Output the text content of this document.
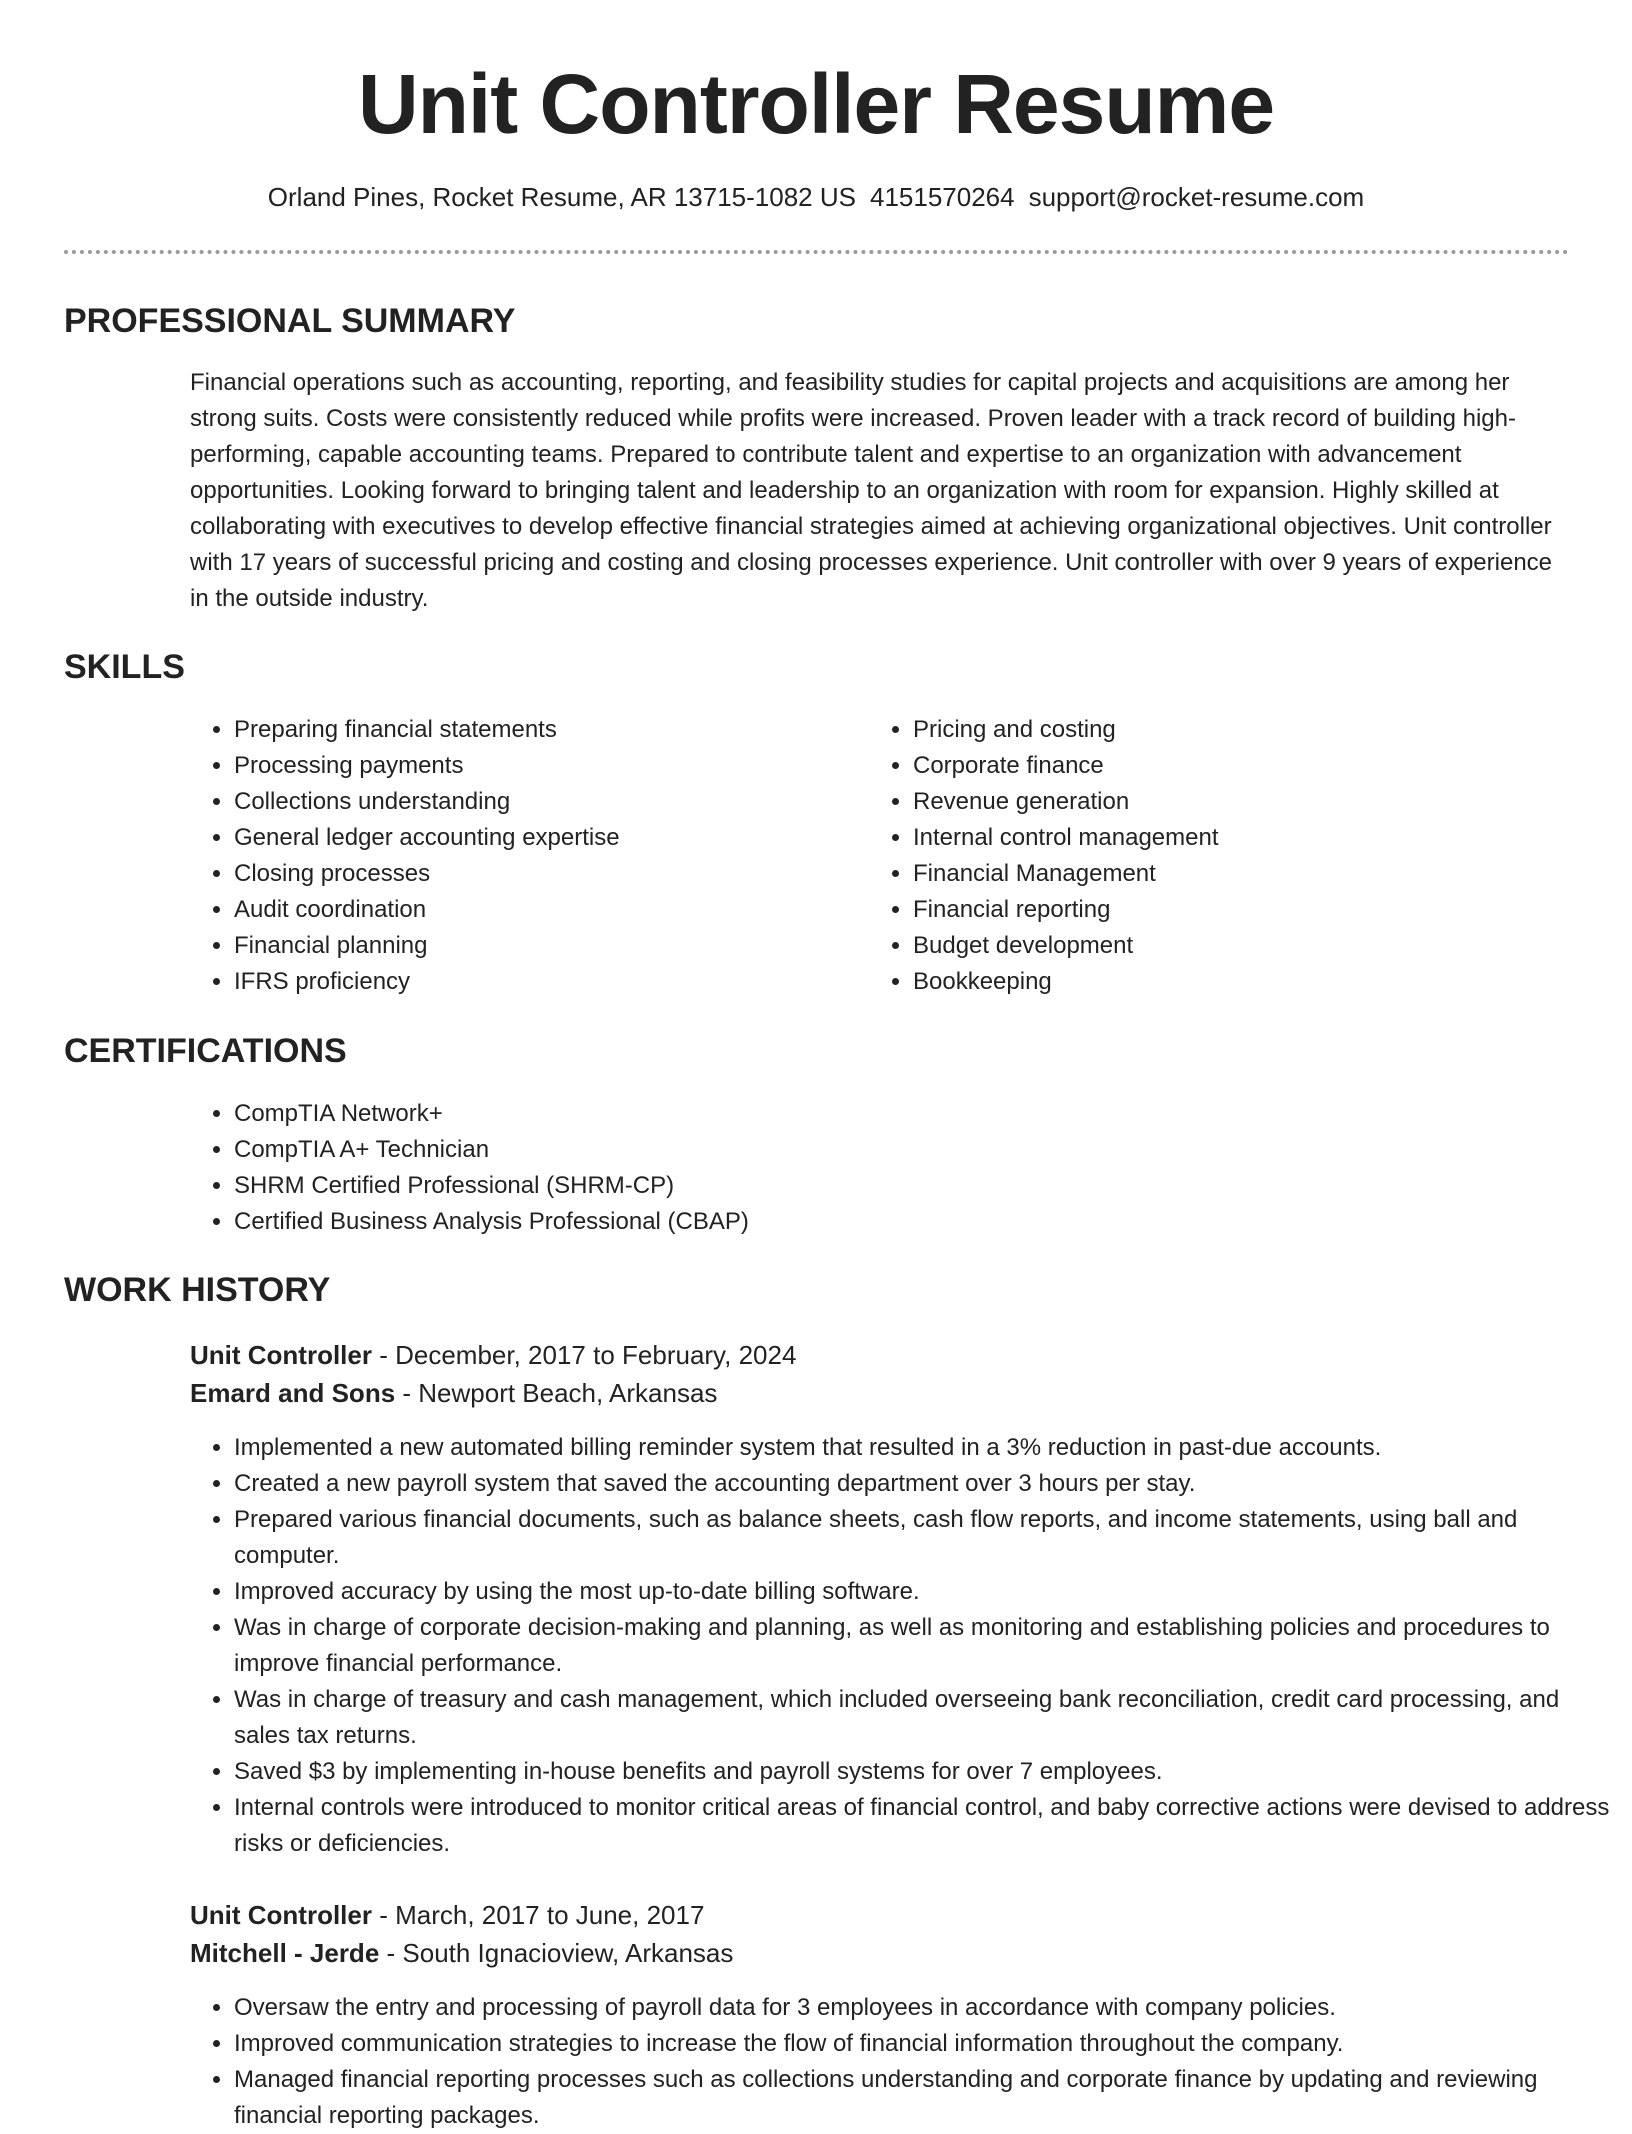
Unit Controller Resume
Orland Pines, Rocket Resume, AR 13715-1082 US 4151570264 support@rocket-resume.com
PROFESSIONAL SUMMARY

Financial operations such as accounting, reporting, and feasibility studies for capital projects and acquisitions are among her strong suits. Costs were consistently reduced while profits were increased. Proven leader with a track record of building high-performing, capable accounting teams. Prepared to contribute talent and expertise to an organization with advancement opportunities. Looking forward to bringing talent and leadership to an organization with room for expansion. Highly skilled at collaborating with executives to develop effective financial strategies aimed at achieving organizational objectives. Unit controller with 17 years of successful pricing and costing and closing processes experience. Unit controller with over 9 years of experience in the outside industry.

SKILLS
• Preparing financial statements
• Processing payments
• Collections understanding
• General ledger accounting expertise
• Closing processes
• Audit coordination
• Financial planning
• IFRS proficiency
• Pricing and costing
• Corporate finance
• Revenue generation
• Internal control management
• Financial Management
• Financial reporting
• Budget development
• Bookkeeping
CERTIFICATIONS
• CompTIA Network+
• CompTIA A+ Technician
• SHRM Certified Professional (SHRM-CP)
• Certified Business Analysis Professional (CBAP)
WORK HISTORY
Unit Controller - December, 2017 to February, 2024
Emard and Sons - Newport Beach, Arkansas
• Implemented a new automated billing reminder system that resulted in a 3% reduction in past-due accounts.
• Created a new payroll system that saved the accounting department over 3 hours per stay.
• Prepared various financial documents, such as balance sheets, cash flow reports, and income statements, using ball and computer.
• Improved accuracy by using the most up-to-date billing software.
• Was in charge of corporate decision-making and planning, as well as monitoring and establishing policies and procedures to improve financial performance.
• Was in charge of treasury and cash management, which included overseeing bank reconciliation, credit card processing, and sales tax returns.
• Saved $3 by implementing in-house benefits and payroll systems for over 7 employees.
• Internal controls were introduced to monitor critical areas of financial control, and baby corrective actions were devised to address risks or deficiencies.
Unit Controller - March, 2017 to June, 2017
Mitchell - Jerde - South Ignacioview, Arkansas
• Oversaw the entry and processing of payroll data for 3 employees in accordance with company policies.
• Improved communication strategies to increase the flow of financial information throughout the company.
• Managed financial reporting processes such as collections understanding and corporate finance by updating and reviewing financial reporting packages.
